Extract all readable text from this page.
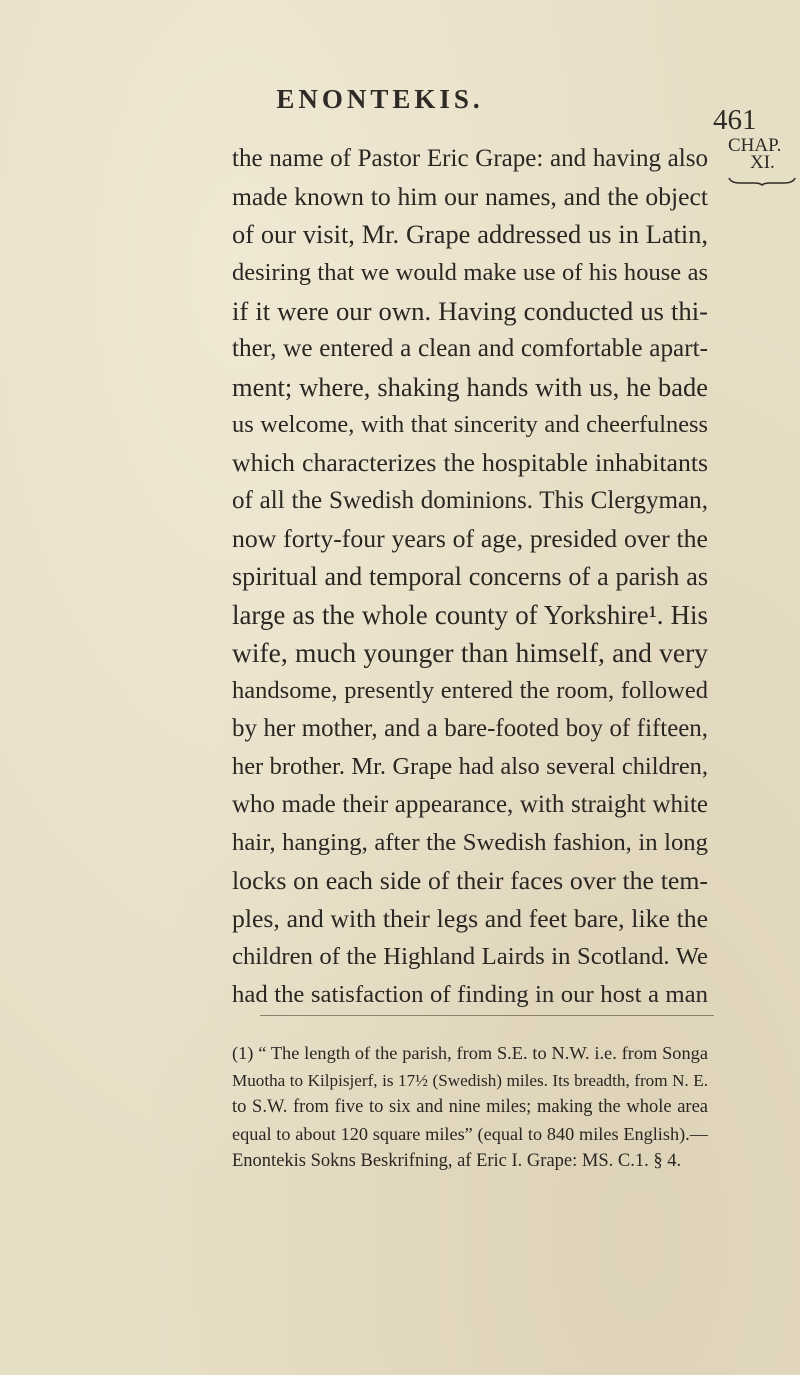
ENONTEKIS.
461
CHAP.
XI.
the name of Pastor Eric Grape: and having also
made known to him our names, and the object
of our visit, Mr. Grape addressed us in Latin,
desiring that we would make use of his house as
if it were our own. Having conducted us thi-
ther, we entered a clean and comfortable apart-
ment; where, shaking hands with us, he bade
us welcome, with that sincerity and cheerfulness
which characterizes the hospitable inhabitants
of all the Swedish dominions. This Clergyman,
now forty-four years of age, presided over the
spiritual and temporal concerns of a parish as
large as the whole county of Yorkshire¹. His
wife, much younger than himself, and very
handsome, presently entered the room, followed
by her mother, and a bare-footed boy of fifteen,
her brother. Mr. Grape had also several children,
who made their appearance, with straight white
hair, hanging, after the Swedish fashion, in long
locks on each side of their faces over the tem-
ples, and with their legs and feet bare, like the
children of the Highland Lairds in Scotland. We
had the satisfaction of finding in our host a man
(1) “ The length of the parish, from S.E. to N.W. i.e. from Songa
Muotha to Kilpisjerf, is 17½ (Swedish) miles. Its breadth, from N. E.
to S.W. from five to six and nine miles; making the whole area
equal to about 120 square miles” (equal to 840 miles English).—
Enontekis Sokns Beskrifning, af Eric I. Grape: MS. C.1. § 4.
